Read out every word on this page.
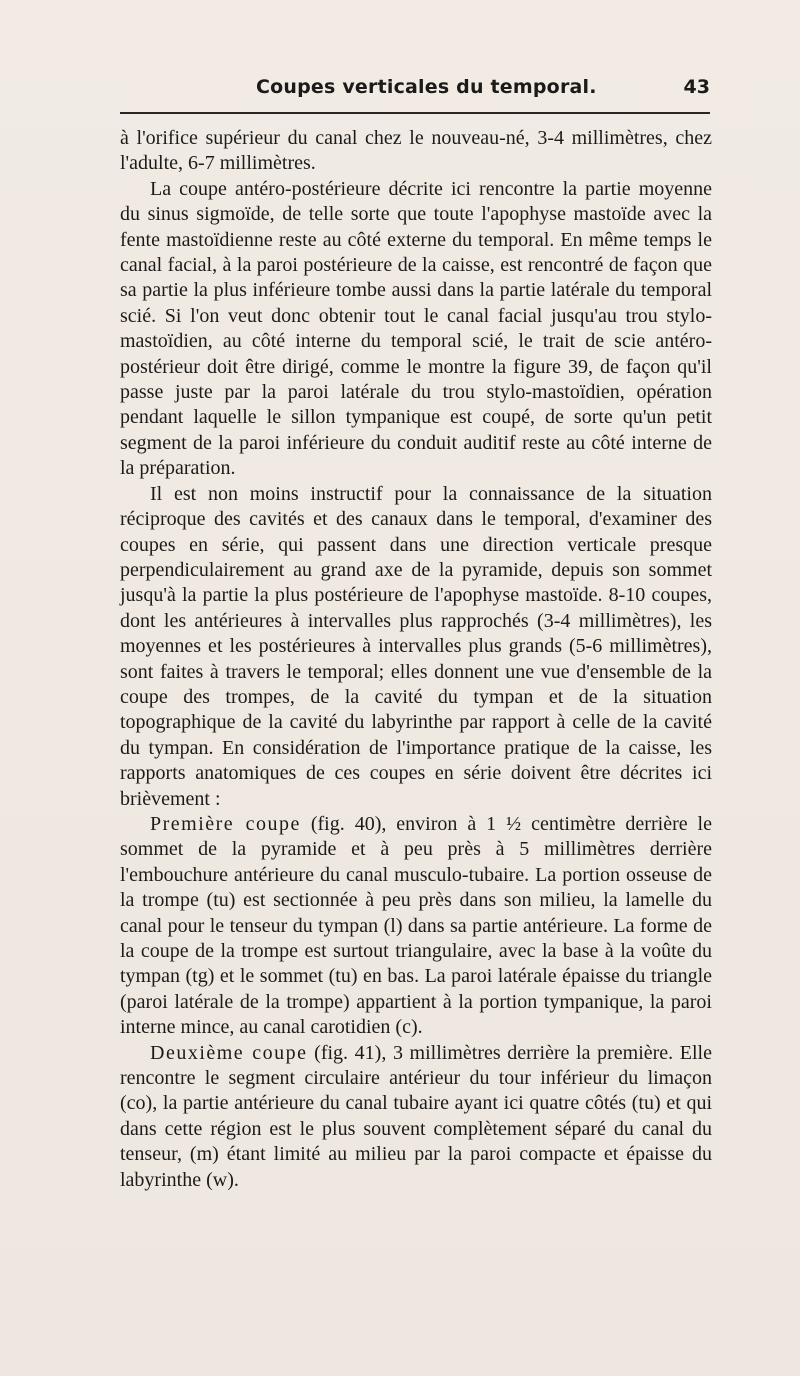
Coupes verticales du temporal.	43

à l'orifice supérieur du canal chez le nouveau-né, 3-4 millimètres, chez l'adulte, 6-7 millimètres.

La coupe antéro-postérieure décrite ici rencontre la partie moyenne du sinus sigmoïde, de telle sorte que toute l'apophyse mastoïde avec la fente mastoïdienne reste au côté externe du temporal. En même temps le canal facial, à la paroi postérieure de la caisse, est rencontré de façon que sa partie la plus inférieure tombe aussi dans la partie latérale du temporal scié. Si l'on veut donc obtenir tout le canal facial jusqu'au trou stylo-mastoïdien, au côté interne du temporal scié, le trait de scie antéro-postérieur doit être dirigé, comme le montre la figure 39, de façon qu'il passe juste par la paroi latérale du trou stylo-mastoïdien, opération pendant laquelle le sillon tympanique est coupé, de sorte qu'un petit segment de la paroi inférieure du conduit auditif reste au côté interne de la préparation.

Il est non moins instructif pour la connaissance de la situation réciproque des cavités et des canaux dans le temporal, d'examiner des coupes en série, qui passent dans une direction verticale presque perpendiculairement au grand axe de la pyramide, depuis son sommet jusqu'à la partie la plus postérieure de l'apophyse mastoïde. 8-10 coupes, dont les antérieures à intervalles plus rapprochés (3-4 millimètres), les moyennes et les postérieures à intervalles plus grands (5-6 millimètres), sont faites à travers le temporal; elles donnent une vue d'ensemble de la coupe des trompes, de la cavité du tympan et de la situation topographique de la cavité du labyrinthe par rapport à celle de la cavité du tympan. En considération de l'importance pratique de la caisse, les rapports anatomiques de ces coupes en série doivent être décrites ici brièvement :

Première coupe (fig. 40), environ à 1 ½ centimètre derrière le sommet de la pyramide et à peu près à 5 millimètres derrière l'embouchure antérieure du canal musculo-tubaire. La portion osseuse de la trompe (tu) est sectionnée à peu près dans son milieu, la lamelle du canal pour le tenseur du tympan (l) dans sa partie antérieure. La forme de la coupe de la trompe est surtout triangulaire, avec la base à la voûte du tympan (tg) et le sommet (tu) en bas. La paroi latérale épaisse du triangle (paroi latérale de la trompe) appartient à la portion tympanique, la paroi interne mince, au canal carotidien (c).

Deuxième coupe (fig. 41), 3 millimètres derrière la première. Elle rencontre le segment circulaire antérieur du tour inférieur du limaçon (co), la partie antérieure du canal tubaire ayant ici quatre côtés (tu) et qui dans cette région est le plus souvent complètement séparé du canal du tenseur, (m) étant limité au milieu par la paroi compacte et épaisse du labyrinthe (w).
